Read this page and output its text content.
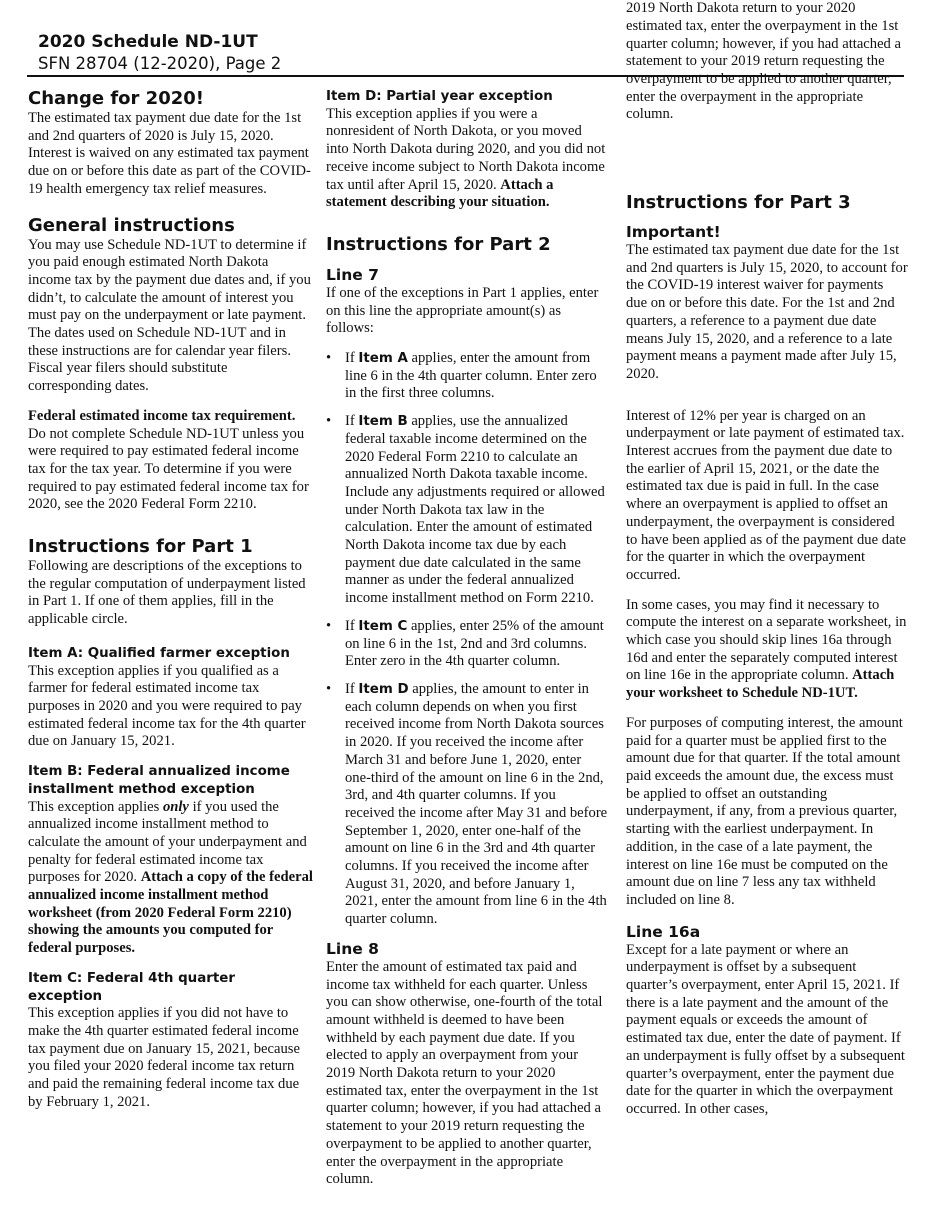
2020 Schedule ND-1UT
SFN 28704 (12-2020), Page 2
Change for 2020!

The estimated tax payment due date for the 1st and 2nd quarters of 2020 is July 15, 2020. Interest is waived on any estimated tax payment due on or before this date as part of the COVID-19 health emergency tax relief measures.

General instructions

You may use Schedule ND-1UT to determine if you paid enough estimated North Dakota income tax by the payment due dates and, if you didn’t, to calculate the amount of interest you must pay on the underpayment or late payment. The dates used on Schedule ND-1UT and in these instructions are for calendar year filers. Fiscal year filers should substitute corresponding dates.

Federal estimated income tax requirement. Do not complete Schedule ND-1UT unless you were required to pay estimated federal income tax for the tax year. To determine if you were required to pay estimated federal income tax for 2020, see the 2020 Federal Form 2210.

Instructions for Part 1

Following are descriptions of the exceptions to the regular computation of underpayment listed in Part 1. If one of them applies, fill in the applicable circle.

Item A: Qualified farmer exception

This exception applies if you qualified as a farmer for federal estimated income tax purposes in 2020 and you were required to pay estimated federal income tax for the 4th quarter due on January 15, 2021.

Item B: Federal annualized income installment method exception

This exception applies only if you used the annualized income installment method to calculate the amount of your underpayment and penalty for federal estimated income tax purposes for 2020. Attach a copy of the federal annualized income installment method worksheet (from 2020 Federal Form 2210) showing the amounts you computed for federal purposes.

Item C: Federal 4th quarter exception

This exception applies if you did not have to make the 4th quarter estimated federal income tax payment due on January 15, 2021, because you filed your 2020 federal income tax return and paid the remaining federal income tax due by February 1, 2021.

Item D: Partial year exception

This exception applies if you were a nonresident of North Dakota, or you moved into North Dakota during 2020, and you did not receive income subject to North Dakota income tax until after April 15, 2020. Attach a statement describing your situation.

Instructions for Part 2
Line 7

If one of the exceptions in Part 1 applies, enter on this line the appropriate amount(s) as follows:

• If Item A applies, enter the amount from line 6 in the 4th quarter column. Enter zero in the first three columns.
• If Item B applies, use the annualized federal taxable income determined on the 2020 Federal Form 2210 to calculate an annualized North Dakota taxable income. Include any adjustments required or allowed under North Dakota tax law in the calculation. Enter the amount of estimated North Dakota income tax due by each payment due date calculated in the same manner as under the federal annualized income installment method on Form 2210.
• If Item C applies, enter 25% of the amount on line 6 in the 1st, 2nd and 3rd columns. Enter zero in the 4th quarter column.
• If Item D applies, the amount to enter in each column depends on when you first received income from North Dakota sources in 2020. If you received the income after March 31 and before June 1, 2020, enter one-third of the amount on line 6 in the 2nd, 3rd, and 4th quarter columns. If you received the income after May 31 and before September 1, 2020, enter one-half of the amount on line 6 in the 3rd and 4th quarter columns. If you received the income after August 31, 2020, and before January 1, 2021, enter the amount from line 6 in the 4th quarter column.
Line 8

Enter the amount of estimated tax paid and income tax withheld for each quarter. Unless you can show otherwise, one-fourth of the total amount withheld is deemed to have been withheld by each payment due date. If you elected to apply an overpayment from your 2019 North Dakota return to your 2020 estimated tax, enter the overpayment in the 1st quarter column; however, if you had attached a statement to your 2019 return requesting the overpayment to be applied to another quarter, enter the overpayment in the appropriate column.

2019 North Dakota return to your 2020 estimated tax, enter the overpayment in the 1st quarter column; however, if you had attached a statement to your 2019 return requesting the overpayment to be applied to another quarter, enter the overpayment in the appropriate column.

Instructions for Part 3
Important!

The estimated tax payment due date for the 1st and 2nd quarters is July 15, 2020, to account for the COVID-19 interest waiver for payments due on or before this date. For the 1st and 2nd quarters, a reference to a payment due date means July 15, 2020, and a reference to a late payment means a payment made after July 15, 2020.

Interest of 12% per year is charged on an underpayment or late payment of estimated tax. Interest accrues from the payment due date to the earlier of April 15, 2021, or the date the estimated tax due is paid in full. In the case where an overpayment is applied to offset an underpayment, the overpayment is considered to have been applied as of the payment due date for the quarter in which the overpayment occurred.

In some cases, you may find it necessary to compute the interest on a separate worksheet, in which case you should skip lines 16a through 16d and enter the separately computed interest on line 16e in the appropriate column. Attach your worksheet to Schedule ND-1UT.

For purposes of computing interest, the amount paid for a quarter must be applied first to the amount due for that quarter. If the total amount paid exceeds the amount due, the excess must be applied to offset an outstanding underpayment, if any, from a previous quarter, starting with the earliest underpayment. In addition, in the case of a late payment, the interest on line 16e must be computed on the amount due on line 7 less any tax withheld included on line 8.

Line 16a

Except for a late payment or where an underpayment is offset by a subsequent quarter’s overpayment, enter April 15, 2021. If there is a late payment and the amount of the payment equals or exceeds the amount of estimated tax due, enter the date of payment. If an underpayment is fully offset by a subsequent quarter’s overpayment, enter the payment due date for the quarter in which the overpayment occurred. In other cases,
